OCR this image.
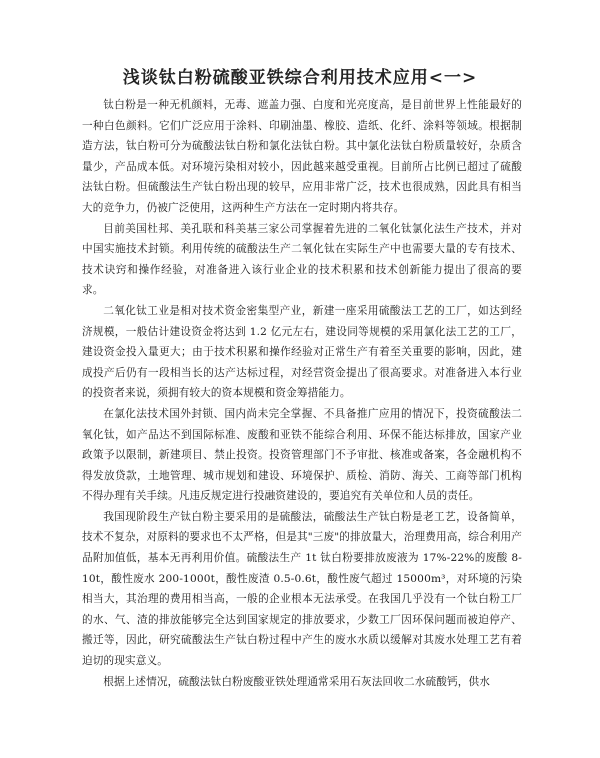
浅谈钛白粉硫酸亚铁综合利用技术应用<一>

钛白粉是一种无机颜料，无毒、遮盖力强、白度和光亮度高，是目前世界上性能最好的一种白色颜料。它们广泛应用于涂料、印刷油墨、橡胶、造纸、化纤、涂料等领域。根据制造方法，钛白粉可分为硫酸法钛白粉和氯化法钛白粉。其中氯化法钛白粉质量较好，杂质含量少，产品成本低。对环境污染相对较小，因此越来越受重视。目前所占比例已超过了硫酸法钛白粉。但硫酸法生产钛白粉出现的较早，应用非常广泛，技术也很成熟，因此具有相当大的竞争力，仍被广泛使用，这两种生产方法在一定时期内将共存。

目前美国杜邦、美孔联和科美基三家公司掌握着先进的二氧化钛氯化法生产技术，并对中国实施技术封锁。利用传统的硫酸法生产二氧化钛在实际生产中也需要大量的专有技术、技术诀窍和操作经验，对准备进入该行业企业的技术积累和技术创新能力提出了很高的要求。

二氧化钛工业是相对技术资金密集型产业，新建一座采用硫酸法工艺的工厂，如达到经济规模，一般估计建设资金将达到 1.2 亿元左右，建设同等规模的采用氯化法工艺的工厂，建设资金投入量更大；由于技术积累和操作经验对正常生产有着至关重要的影响，因此，建成投产后仍有一段相当长的达产达标过程，对经营资金提出了很高要求。对准备进入本行业的投资者来说，须拥有较大的资本规模和资金筹措能力。

在氯化法技术国外封锁、国内尚未完全掌握、不具备推广应用的情况下，投资硫酸法二氧化钛，如产品达不到国际标准、废酸和亚铁不能综合利用、环保不能达标排放，国家产业政策予以限制，新建项目、禁止投资。投资管理部门不予审批、核准或备案，各金融机构不得发放贷款，土地管理、城市规划和建设、环境保护、质检、消防、海关、工商等部门机构不得办理有关手续。凡违反规定进行投融资建设的，要追究有关单位和人员的责任。

我国现阶段生产钛白粉主要采用的是硫酸法，硫酸法生产钛白粉是老工艺，设备简单，技术不复杂，对原料的要求也不太严格，但是其"三废"的排放量大，治理费用高，综合利用产品附加值低，基本无再利用价值。硫酸法生产 1t 钛白粉要排放废液为 17%-22%的废酸 8-10t，酸性废水 200-1000t，酸性废渣 0.5-0.6t，酸性废气超过 15000m³，对环境的污染相当大，其治理的费用相当高，一般的企业根本无法承受。在我国几乎没有一个钛白粉工厂的水、气、渣的排放能够完全达到国家规定的排放要求，少数工厂因环保问题而被迫停产、搬迁等，因此，研究硫酸法生产钛白粉过程中产生的废水水质以缓解对其废水处理工艺有着迫切的现实意义。

根据上述情况，硫酸法钛白粉废酸亚铁处理通常采用石灰法回收二水硫酸钙，供水
